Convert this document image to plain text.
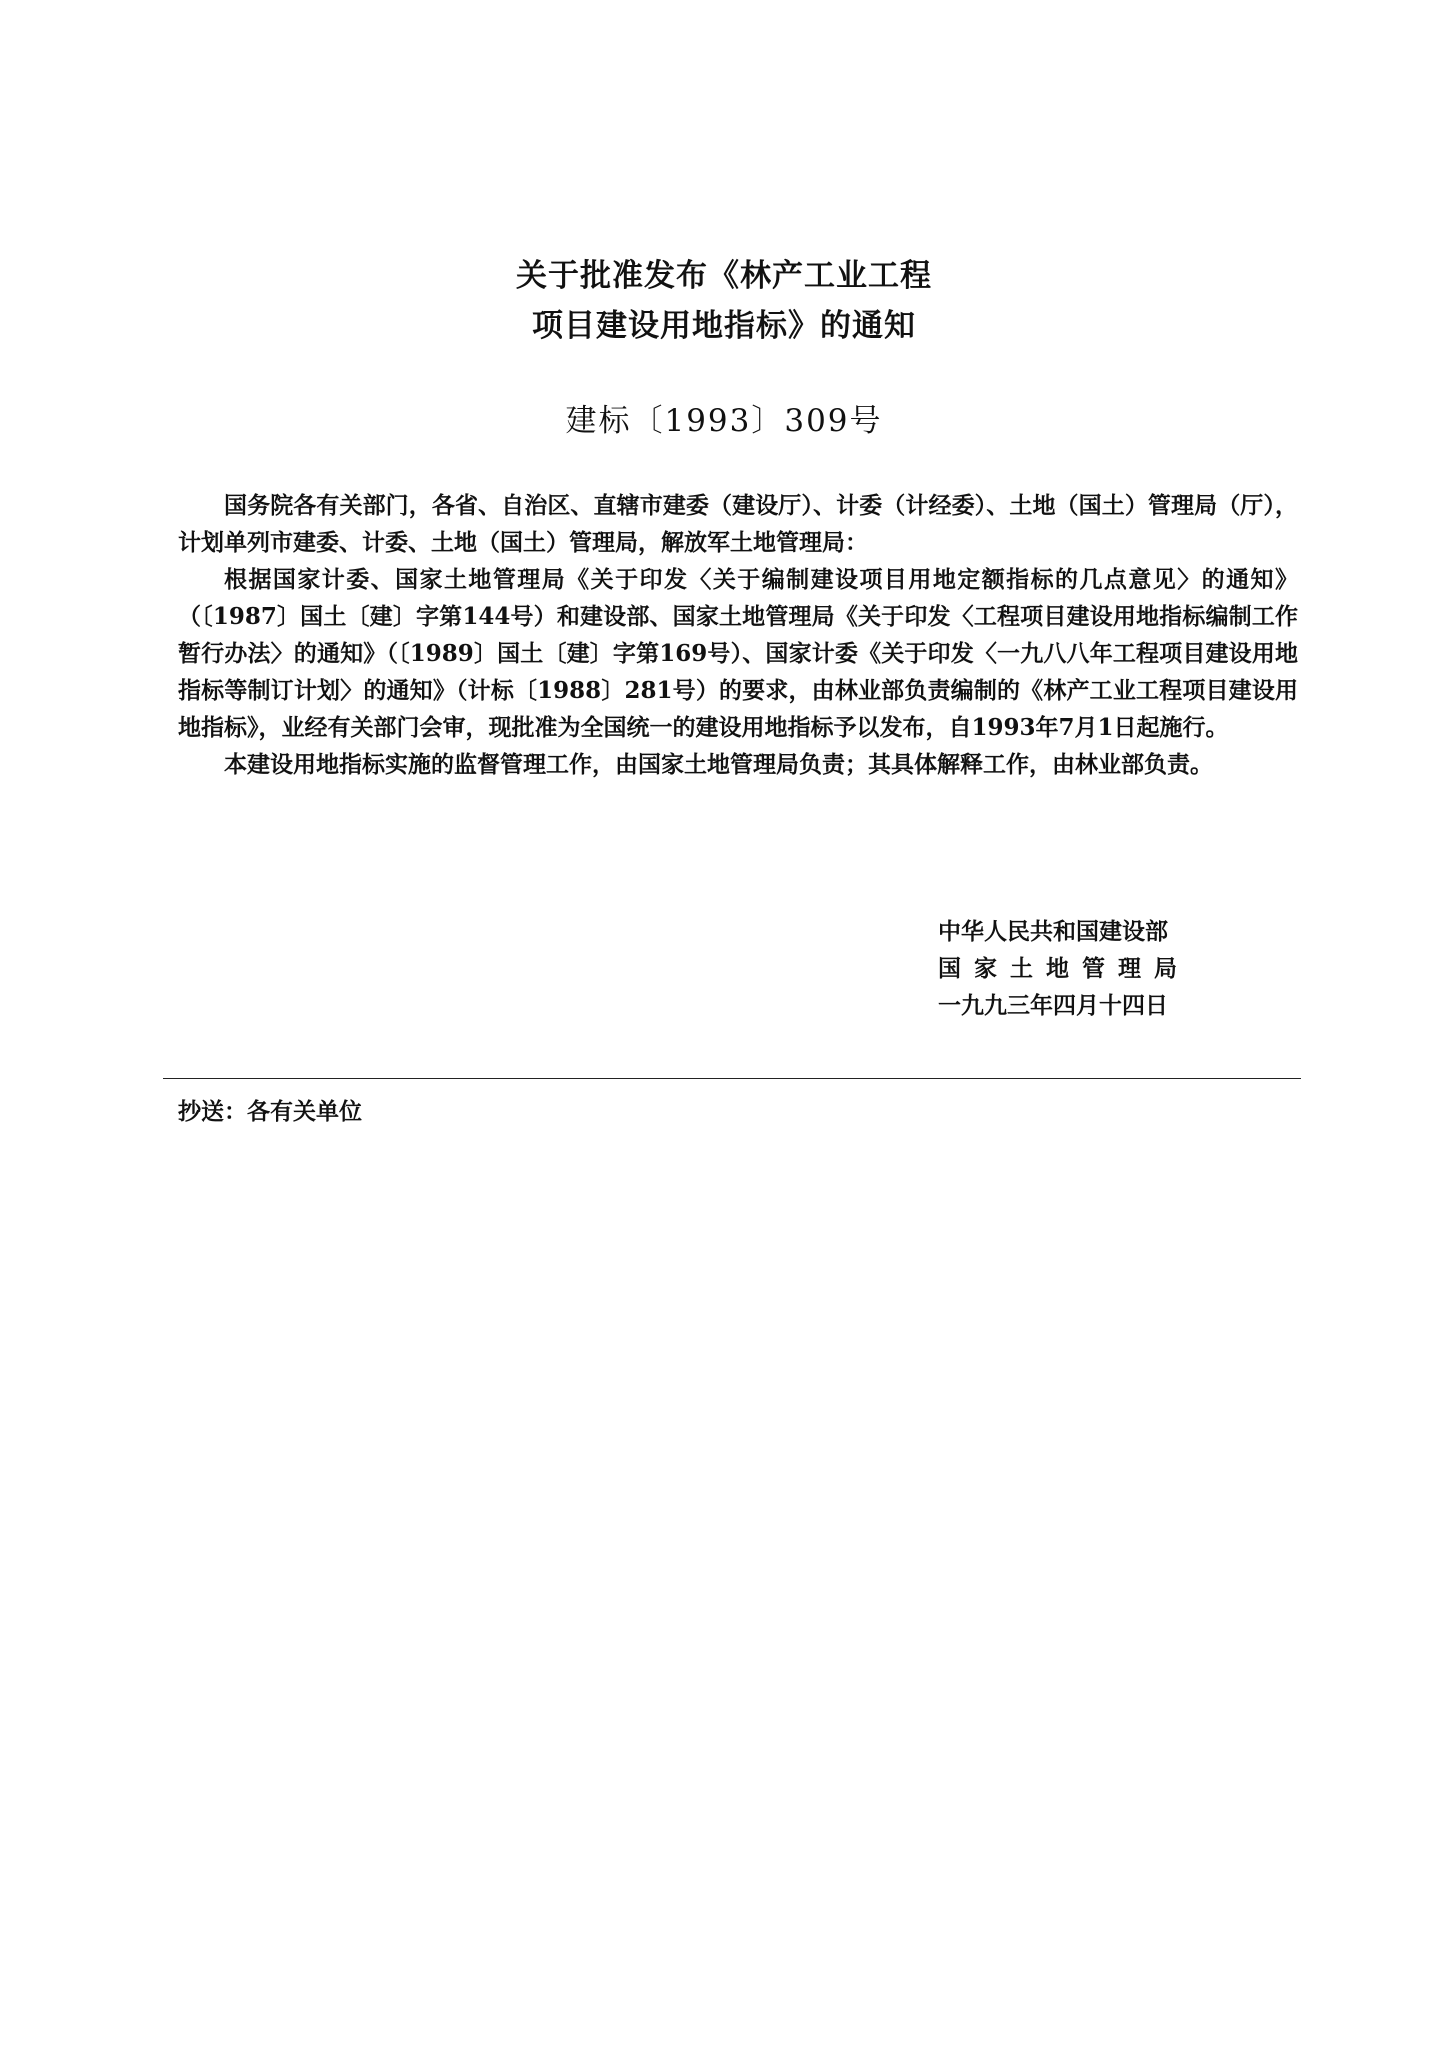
关于批准发布《林产工业工程
项目建设用地指标》的通知
建标〔1993〕309号

国务院各有关部门，各省、自治区、直辖市建委（建设厅）、计委（计经委）、土地（国土）管理局（厅），计划单列市建委、计委、土地（国土）管理局，解放军土地管理局：

根据国家计委、国家土地管理局《关于印发〈关于编制建设项目用地定额指标的几点意见〉的通知》（〔1987〕国土〔建〕字第144号）和建设部、国家土地管理局《关于印发〈工程项目建设用地指标编制工作暂行办法〉的通知》（〔1989〕国土〔建〕字第169号）、国家计委《关于印发〈一九八八年工程项目建设用地指标等制订计划〉的通知》（计标〔1988〕281号）的要求，由林业部负责编制的《林产工业工程项目建设用地指标》，业经有关部门会审，现批准为全国统一的建设用地指标予以发布，自1993年7月1日起施行。

本建设用地指标实施的监督管理工作，由国家土地管理局负责；其具体解释工作，由林业部负责。

中华人民共和国建设部
国家土地管理局
一九九三年四月十四日
抄送：各有关单位
